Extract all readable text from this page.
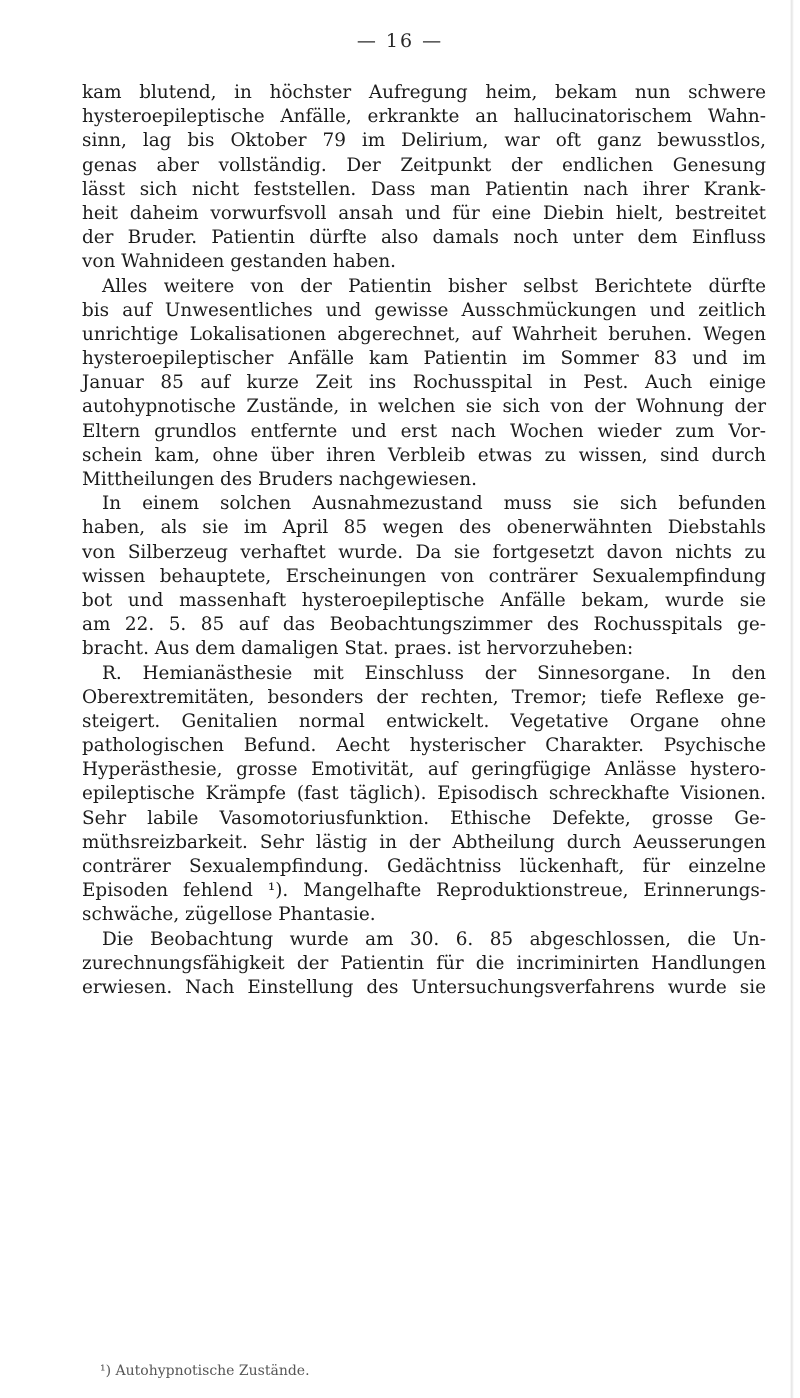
— 16 —
kam blutend, in höchster Aufregung heim, bekam nun schwere
hysteroepileptische Anfälle, erkrankte an hallucinatorischem Wahn-
sinn, lag bis Oktober 79 im Delirium, war oft ganz bewusstlos,
genas aber vollständig. Der Zeitpunkt der endlichen Genesung
lässt sich nicht feststellen. Dass man Patientin nach ihrer Krank-
heit daheim vorwurfsvoll ansah und für eine Diebin hielt, bestreitet
der Bruder. Patientin dürfte also damals noch unter dem Einfluss
von Wahnideen gestanden haben.
Alles weitere von der Patientin bisher selbst Berichtete dürfte
bis auf Unwesentliches und gewisse Ausschmückungen und zeitlich
unrichtige Lokalisationen abgerechnet, auf Wahrheit beruhen. Wegen
hysteroepileptischer Anfälle kam Patientin im Sommer 83 und im
Januar 85 auf kurze Zeit ins Rochusspital in Pest. Auch einige
autohypnotische Zustände, in welchen sie sich von der Wohnung der
Eltern grundlos entfernte und erst nach Wochen wieder zum Vor-
schein kam, ohne über ihren Verbleib etwas zu wissen, sind durch
Mittheilungen des Bruders nachgewiesen.
In einem solchen Ausnahmezustand muss sie sich befunden
haben, als sie im April 85 wegen des obenerwähnten Diebstahls
von Silberzeug verhaftet wurde. Da sie fortgesetzt davon nichts zu
wissen behauptete, Erscheinungen von conträrer Sexualempfindung
bot und massenhaft hysteroepileptische Anfälle bekam, wurde sie
am 22. 5. 85 auf das Beobachtungszimmer des Rochusspitals ge-
bracht. Aus dem damaligen Stat. praes. ist hervorzuheben:
R. Hemianästhesie mit Einschluss der Sinnesorgane. In den
Oberextremitäten, besonders der rechten, Tremor; tiefe Reflexe ge-
steigert. Genitalien normal entwickelt. Vegetative Organe ohne
pathologischen Befund. Aecht hysterischer Charakter. Psychische
Hyperästhesie, grosse Emotivität, auf geringfügige Anlässe hystero-
epileptische Krämpfe (fast täglich). Episodisch schreckhafte Visionen.
Sehr labile Vasomotoriusfunktion. Ethische Defekte, grosse Ge-
müthsreizbarkeit. Sehr lästig in der Abtheilung durch Aeusserungen
conträrer Sexualempfindung. Gedächtniss lückenhaft, für einzelne
Episoden fehlend ¹). Mangelhafte Reproduktionstreue, Erinnerungs-
schwäche, zügellose Phantasie.
Die Beobachtung wurde am 30. 6. 85 abgeschlossen, die Un-
zurechnungsfähigkeit der Patientin für die incriminirten Handlungen
erwiesen. Nach Einstellung des Untersuchungsverfahrens wurde sie
¹) Autohypnotische Zustände.
